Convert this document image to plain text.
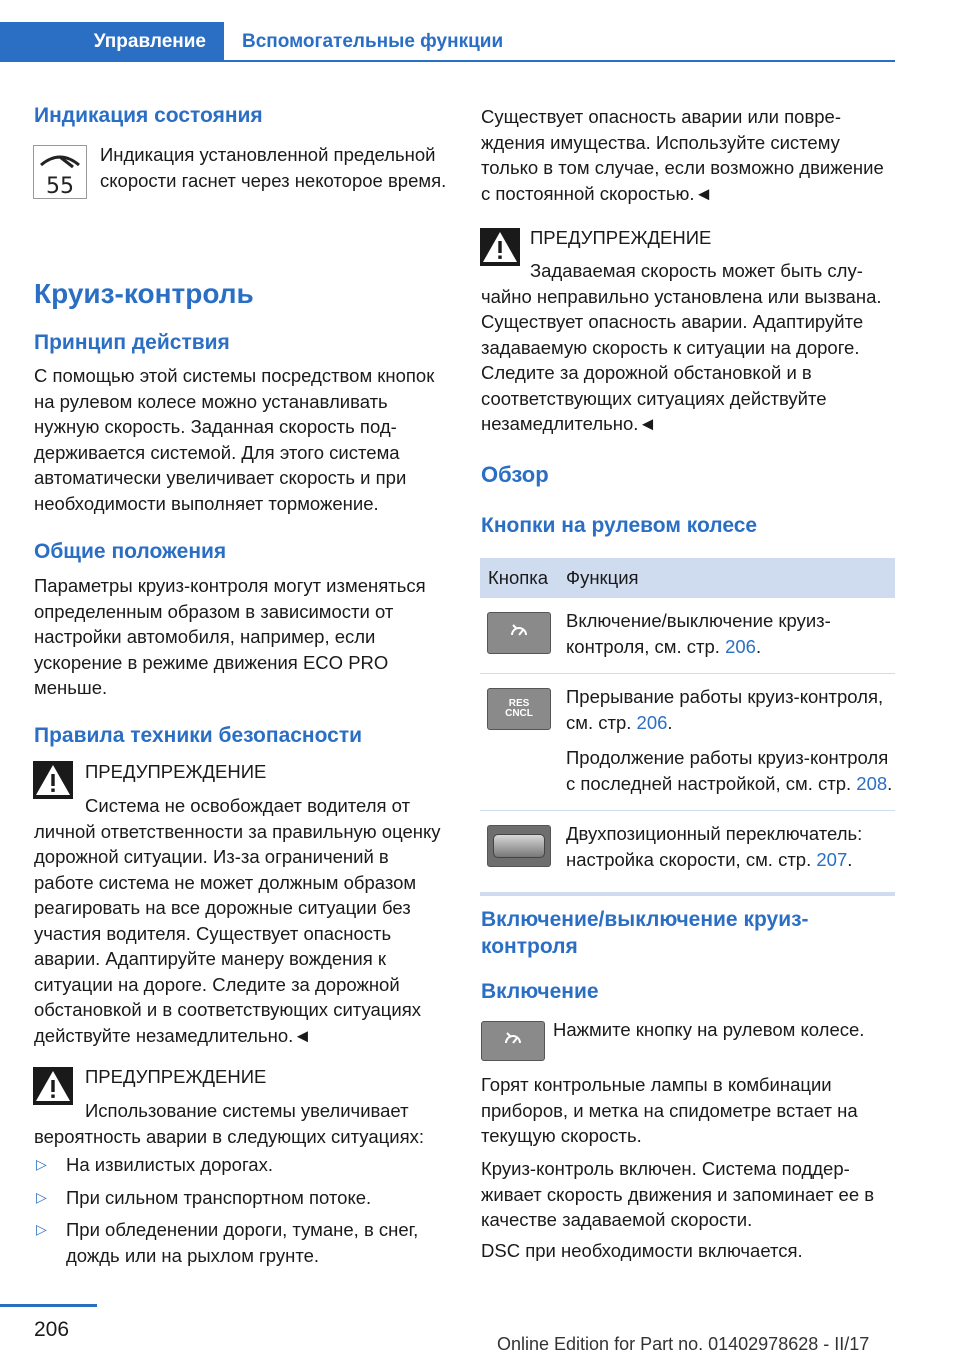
Управление	Вспомогательные функции
Индикация состояния
55
Индикация установленной предельной скорости гаснет через некоторое время.
Круиз-контроль
Принцип действия
С помощью этой системы посредством кнопок на рулевом колесе можно устанавливать нужную скорость. Заданная скорость поддерживается системой. Для этого система автоматически увеличивает скорость и при необходимости выполняет торможение.
Общие положения
Параметры круиз-контроля могут изменяться определенным образом в зависимости от настройки автомобиля, например, если ускорение в режиме движения ECO PRO меньше.
Правила техники безопасности
ПРЕДУПРЕЖДЕНИЕ
Система не освобождает водителя от личной ответственности за правильную оценку дорожной ситуации. Из-за ограничений в работе система не может должным образом реагировать на все дорожные ситуации без участия водителя. Существует опасность аварии. Адаптируйте манеру вождения к ситуации на дороге. Следите за дорожной обстановкой и в соответствующих ситуациях действуйте незамедлительно.◄
ПРЕДУПРЕЖДЕНИЕ
Использование системы увеличивает вероятность аварии в следующих ситуациях:
▷ На извилистых дорогах.
▷ При сильном транспортном потоке.
▷ При обледенении дороги, тумане, в снег, дождь или на рыхлом грунте.
Существует опасность аварии или повреждения имущества. Используйте систему только в том случае, если возможно движение с постоянной скоростью.◄
ПРЕДУПРЕЖДЕНИЕ
Задаваемая скорость может быть случайно неправильно установлена или вызвана. Существует опасность аварии. Адаптируйте задаваемую скорость к ситуации на дороге. Следите за дорожной обстановкой и в соответствующих ситуациях действуйте незамедлительно.◄
Обзор
Кнопки на рулевом колесе
Кнопка Функция

Включение/выключение круиз-контроля, см. стр. 206.

RES CNCL

Прерывание работы круиз-контроля, см. стр. 206.

Продолжение работы круиз-контроля с последней настройкой, см. стр. 208.

Двухпозиционный переключатель: настройка скорости, см. стр. 207.

Включение/выключение круиз-контроля
Включение
Нажмите кнопку на рулевом колесе.
Горят контрольные лампы в комбинации приборов, и метка на спидометре встает на текущую скорость.
Круиз-контроль включен. Система поддерживает скорость движения и запоминает ее в качестве задаваемой скорости.
DSC при необходимости включается.
206
Online Edition for Part no. 01402978628 - II/17
